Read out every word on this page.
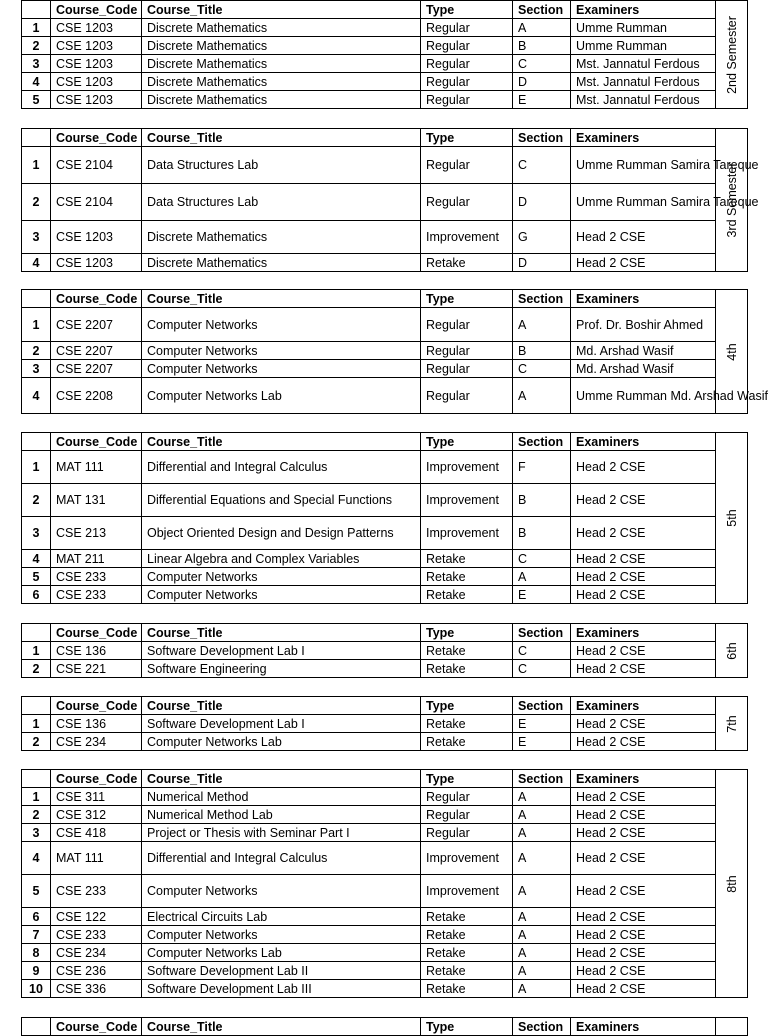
	Course_Code	Course_Title	Type	Section	Examiners	2nd Semester

1	CSE 1203	Discrete Mathematics	Regular	A	Umme Rumman	
2	CSE 1203	Discrete Mathematics	Regular	B	Umme Rumman	
3	CSE 1203	Discrete Mathematics	Regular	C	Mst. Jannatul Ferdous	
4	CSE 1203	Discrete Mathematics	Regular	D	Mst. Jannatul Ferdous	
5	CSE 1203	Discrete Mathematics	Regular	E	Mst. Jannatul Ferdous	
	Course_Code	Course_Title	Type	Section	Examiners	3rd Semester

1	CSE 2104	Data Structures Lab	Regular	C	Umme Rumman Samira Tareque	
2	CSE 2104	Data Structures Lab	Regular	D	Umme Rumman Samira Tareque	
3	CSE 1203	Discrete Mathematics	Improvement	G	Head 2 CSE	
4	CSE 1203	Discrete Mathematics	Retake	D	Head 2 CSE	
	Course_Code	Course_Title	Type	Section	Examiners	4th

1	CSE 2207	Computer Networks	Regular	A	Prof. Dr. Boshir Ahmed	
2	CSE 2207	Computer Networks	Regular	B	Md. Arshad Wasif	
3	CSE 2207	Computer Networks	Regular	C	Md. Arshad Wasif	
4	CSE 2208	Computer Networks Lab	Regular	A	Umme Rumman Md. Arshad Wasif	
	Course_Code	Course_Title	Type	Section	Examiners	5th

1	MAT 111	Differential and Integral Calculus	Improvement	F	Head 2 CSE	
2	MAT 131	Differential Equations and Special Functions	Improvement	B	Head 2 CSE	
3	CSE 213	Object Oriented Design and Design Patterns	Improvement	B	Head 2 CSE	
4	MAT 211	Linear Algebra and Complex Variables	Retake	C	Head 2 CSE	
5	CSE 233	Computer Networks	Retake	A	Head 2 CSE	
6	CSE 233	Computer Networks	Retake	E	Head 2 CSE	
	Course_Code	Course_Title	Type	Section	Examiners	6th

1	CSE 136	Software Development Lab I	Retake	C	Head 2 CSE	
2	CSE 221	Software Engineering	Retake	C	Head 2 CSE	
	Course_Code	Course_Title	Type	Section	Examiners	7th

1	CSE 136	Software Development Lab I	Retake	E	Head 2 CSE	
2	CSE 234	Computer Networks Lab	Retake	E	Head 2 CSE	
	Course_Code	Course_Title	Type	Section	Examiners	8th

1	CSE 311	Numerical Method	Regular	A	Head 2 CSE	
2	CSE 312	Numerical Method Lab	Regular	A	Head 2 CSE	
3	CSE 418	Project or Thesis with Seminar Part I	Regular	A	Head 2 CSE	
4	MAT 111	Differential and Integral Calculus	Improvement	A	Head 2 CSE	
5	CSE 233	Computer Networks	Improvement	A	Head 2 CSE	
6	CSE 122	Electrical Circuits Lab	Retake	A	Head 2 CSE	
7	CSE 233	Computer Networks	Retake	A	Head 2 CSE	
8	CSE 234	Computer Networks Lab	Retake	A	Head 2 CSE	
9	CSE 236	Software Development Lab II	Retake	A	Head 2 CSE	
10	CSE 336	Software Development Lab III	Retake	A	Head 2 CSE	
	Course_Code	Course_Title	Type	Section	Examiners	
